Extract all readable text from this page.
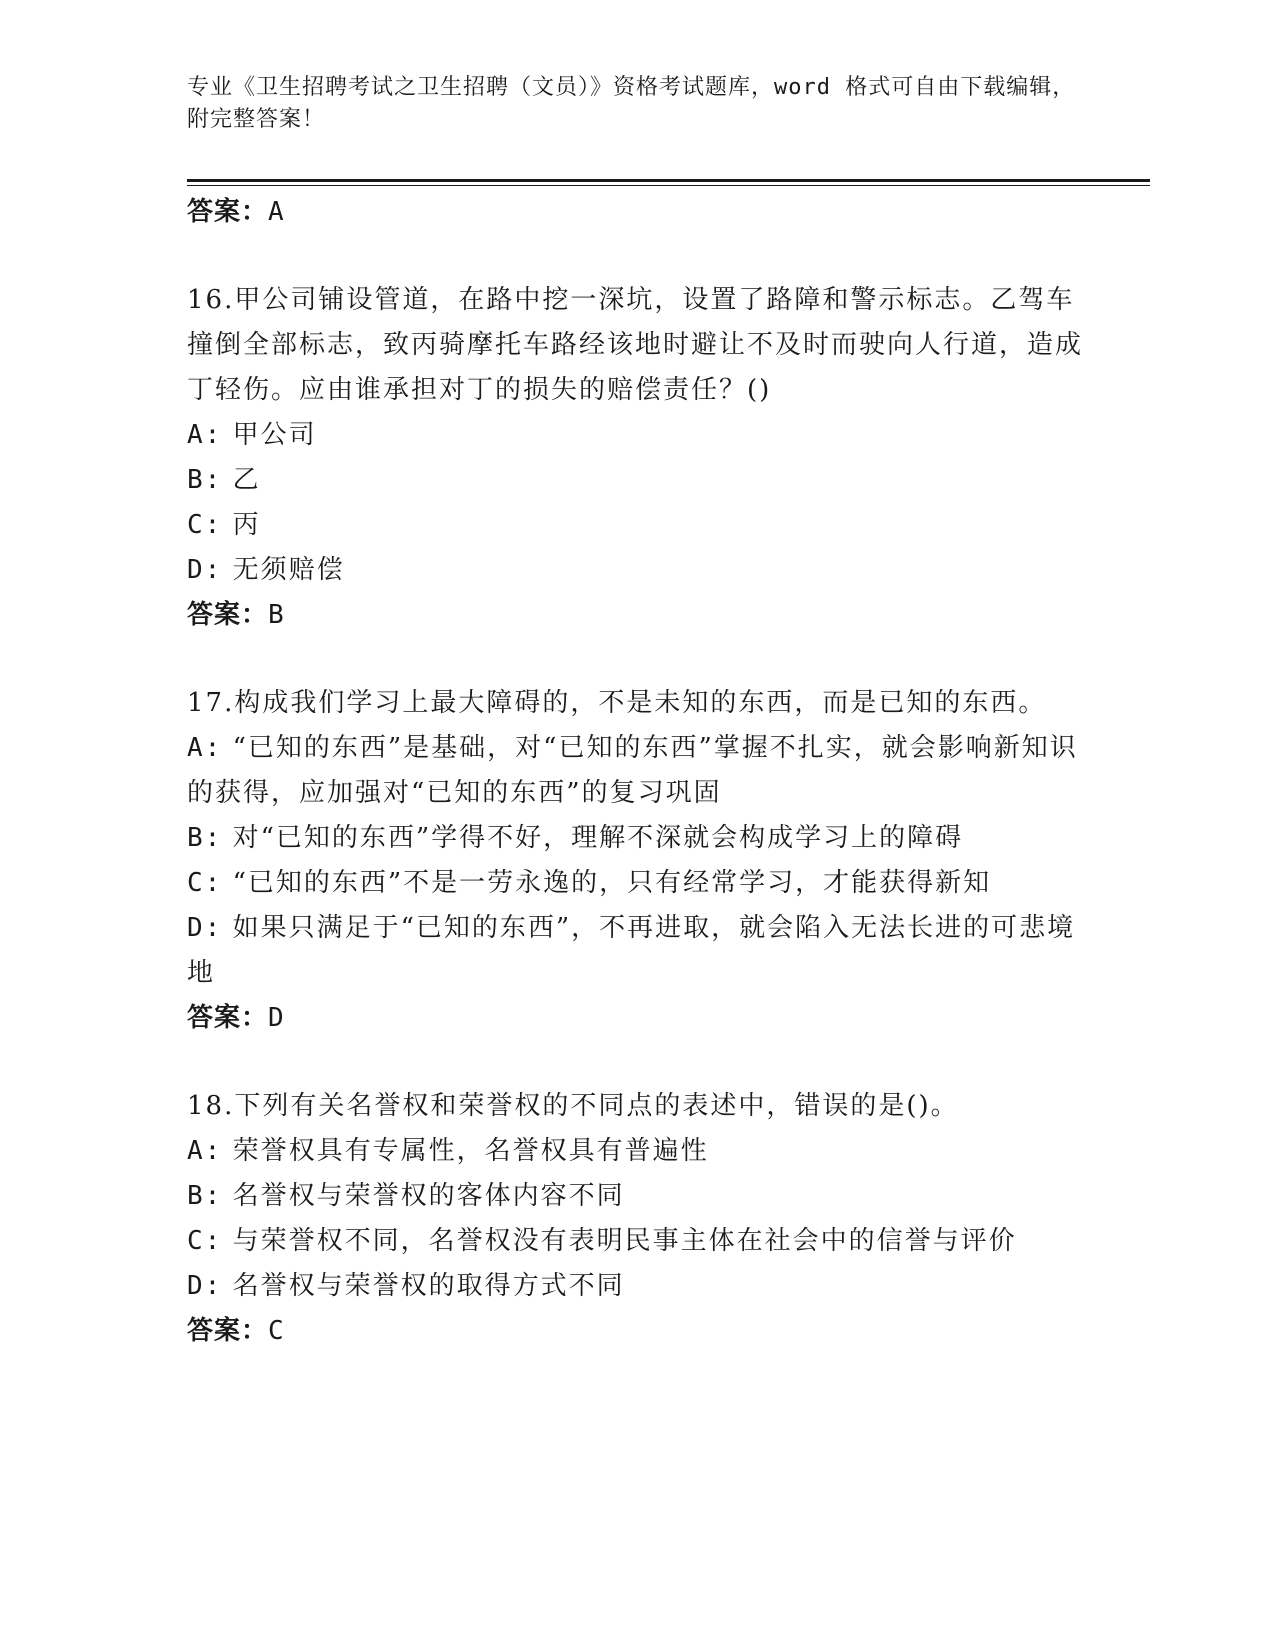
专业《卫生招聘考试之卫生招聘（文员）》资格考试题库，word 格式可自由下载编辑，附完整答案！

答案：A

16.甲公司铺设管道，在路中挖一深坑，设置了路障和警示标志。乙驾车撞倒全部标志，致丙骑摩托车路经该地时避让不及时而驶向人行道，造成丁轻伤。应由谁承担对丁的损失的赔偿责任？()

A: 甲公司

B: 乙

C: 丙

D: 无须赔偿

答案：B

17.构成我们学习上最大障碍的，不是未知的东西，而是已知的东西。

A: “已知的东西”是基础，对“已知的东西”掌握不扎实，就会影响新知识的获得，应加强对“已知的东西”的复习巩固

B: 对“已知的东西”学得不好，理解不深就会构成学习上的障碍

C: “已知的东西”不是一劳永逸的，只有经常学习，才能获得新知

D: 如果只满足于“已知的东西”，不再进取，就会陷入无法长进的可悲境地

答案：D

18.下列有关名誉权和荣誉权的不同点的表述中，错误的是()。

A: 荣誉权具有专属性，名誉权具有普遍性

B: 名誉权与荣誉权的客体内容不同

C: 与荣誉权不同，名誉权没有表明民事主体在社会中的信誉与评价

D: 名誉权与荣誉权的取得方式不同

答案：C
